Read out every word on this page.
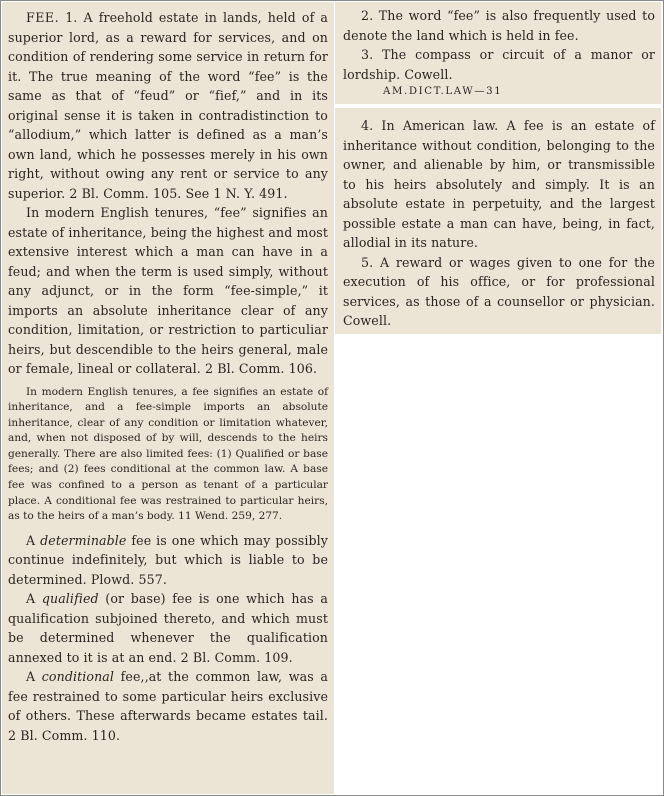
FEE. 1. A freehold estate in lands, held of a superior lord, as a reward for services, and on condition of rendering some service in return for it. The true meaning of the word “fee” is the same as that of “feud” or “fief,” and in its original sense it is taken in contradistinction to “allodium,” which latter is defined as a man’s own land, which he possesses merely in his own right, without owing any rent or service to any superior. 2 Bl. Comm. 105. See 1 N. Y. 491.

In modern English tenures, “fee” signifies an estate of inheritance, being the highest and most extensive interest which a man can have in a feud; and when the term is used simply, without any adjunct, or in the form “fee-simple,” it imports an absolute inheritance clear of any condition, limitation, or restriction to particuliar heirs, but descendible to the heirs general, male or female, lineal or collateral. 2 Bl. Comm. 106.

In modern English tenures, a fee signifies an estate of inheritance, and a fee-simple imports an absolute inheritance, clear of any condition or limitation whatever, and, when not disposed of by will, descends to the heirs generally. There are also limited fees: (1) Qualified or base fees; and (2) fees conditional at the common law. A base fee was confined to a person as tenant of a particular place. A conditional fee was restrained to particular heirs, as to the heirs of a man’s body. 11 Wend. 259, 277.

A determinable fee is one which may possibly continue indefinitely, but which is liable to be determined. Plowd. 557.

A qualified (or base) fee is one which has a qualification subjoined thereto, and which must be determined whenever the qualification annexed to it is at an end. 2 Bl. Comm. 109.

A conditional fee,‚at the common law, was a fee restrained to some particular heirs exclusive of others. These afterwards became estates tail. 2 Bl. Comm. 110.

2. The word “fee” is also frequently used to denote the land which is held in fee.

3. The compass or circuit of a manor or lordship. Cowell.

AM.DICT.LAW—31

4. In American law. A fee is an estate of inheritance without condition, belonging to the owner, and alienable by him, or transmissible to his heirs absolutely and simply. It is an absolute estate in perpetuity, and the largest possible estate a man can have, being, in fact, allodial in its nature.

5. A reward or wages given to one for the execution of his office, or for professional services, as those of a counsellor or physician. Cowell.
